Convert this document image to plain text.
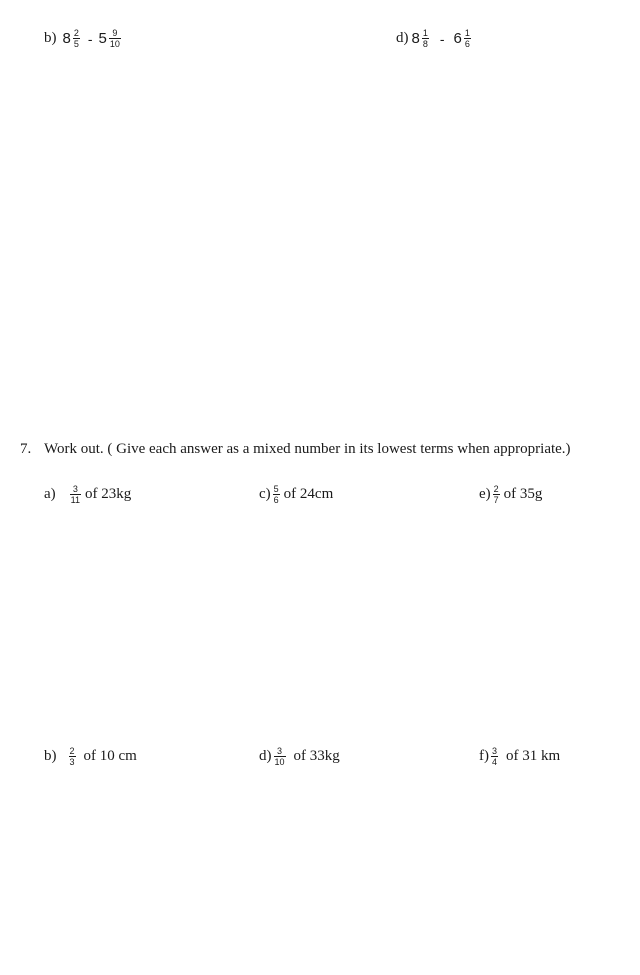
b) $8 \frac{2}{5} - 5 \frac{9}{10}$	d) $8 \frac{1}{8} - 6 \frac{1}{6}$
7. Work out. ( Give each answer as a mixed number in its lowest terms when appropriate.)
$a) \frac{3}{11}$ of 23kg	$c) \frac{5}{6}$ of 24cm	$e) \frac{2}{7}$ of 35g
$b) \frac{2}{3}$ of 10 cm	$d) \frac{3}{10}$ of 33kg	$f) \frac{3}{4}$ of 31 km
